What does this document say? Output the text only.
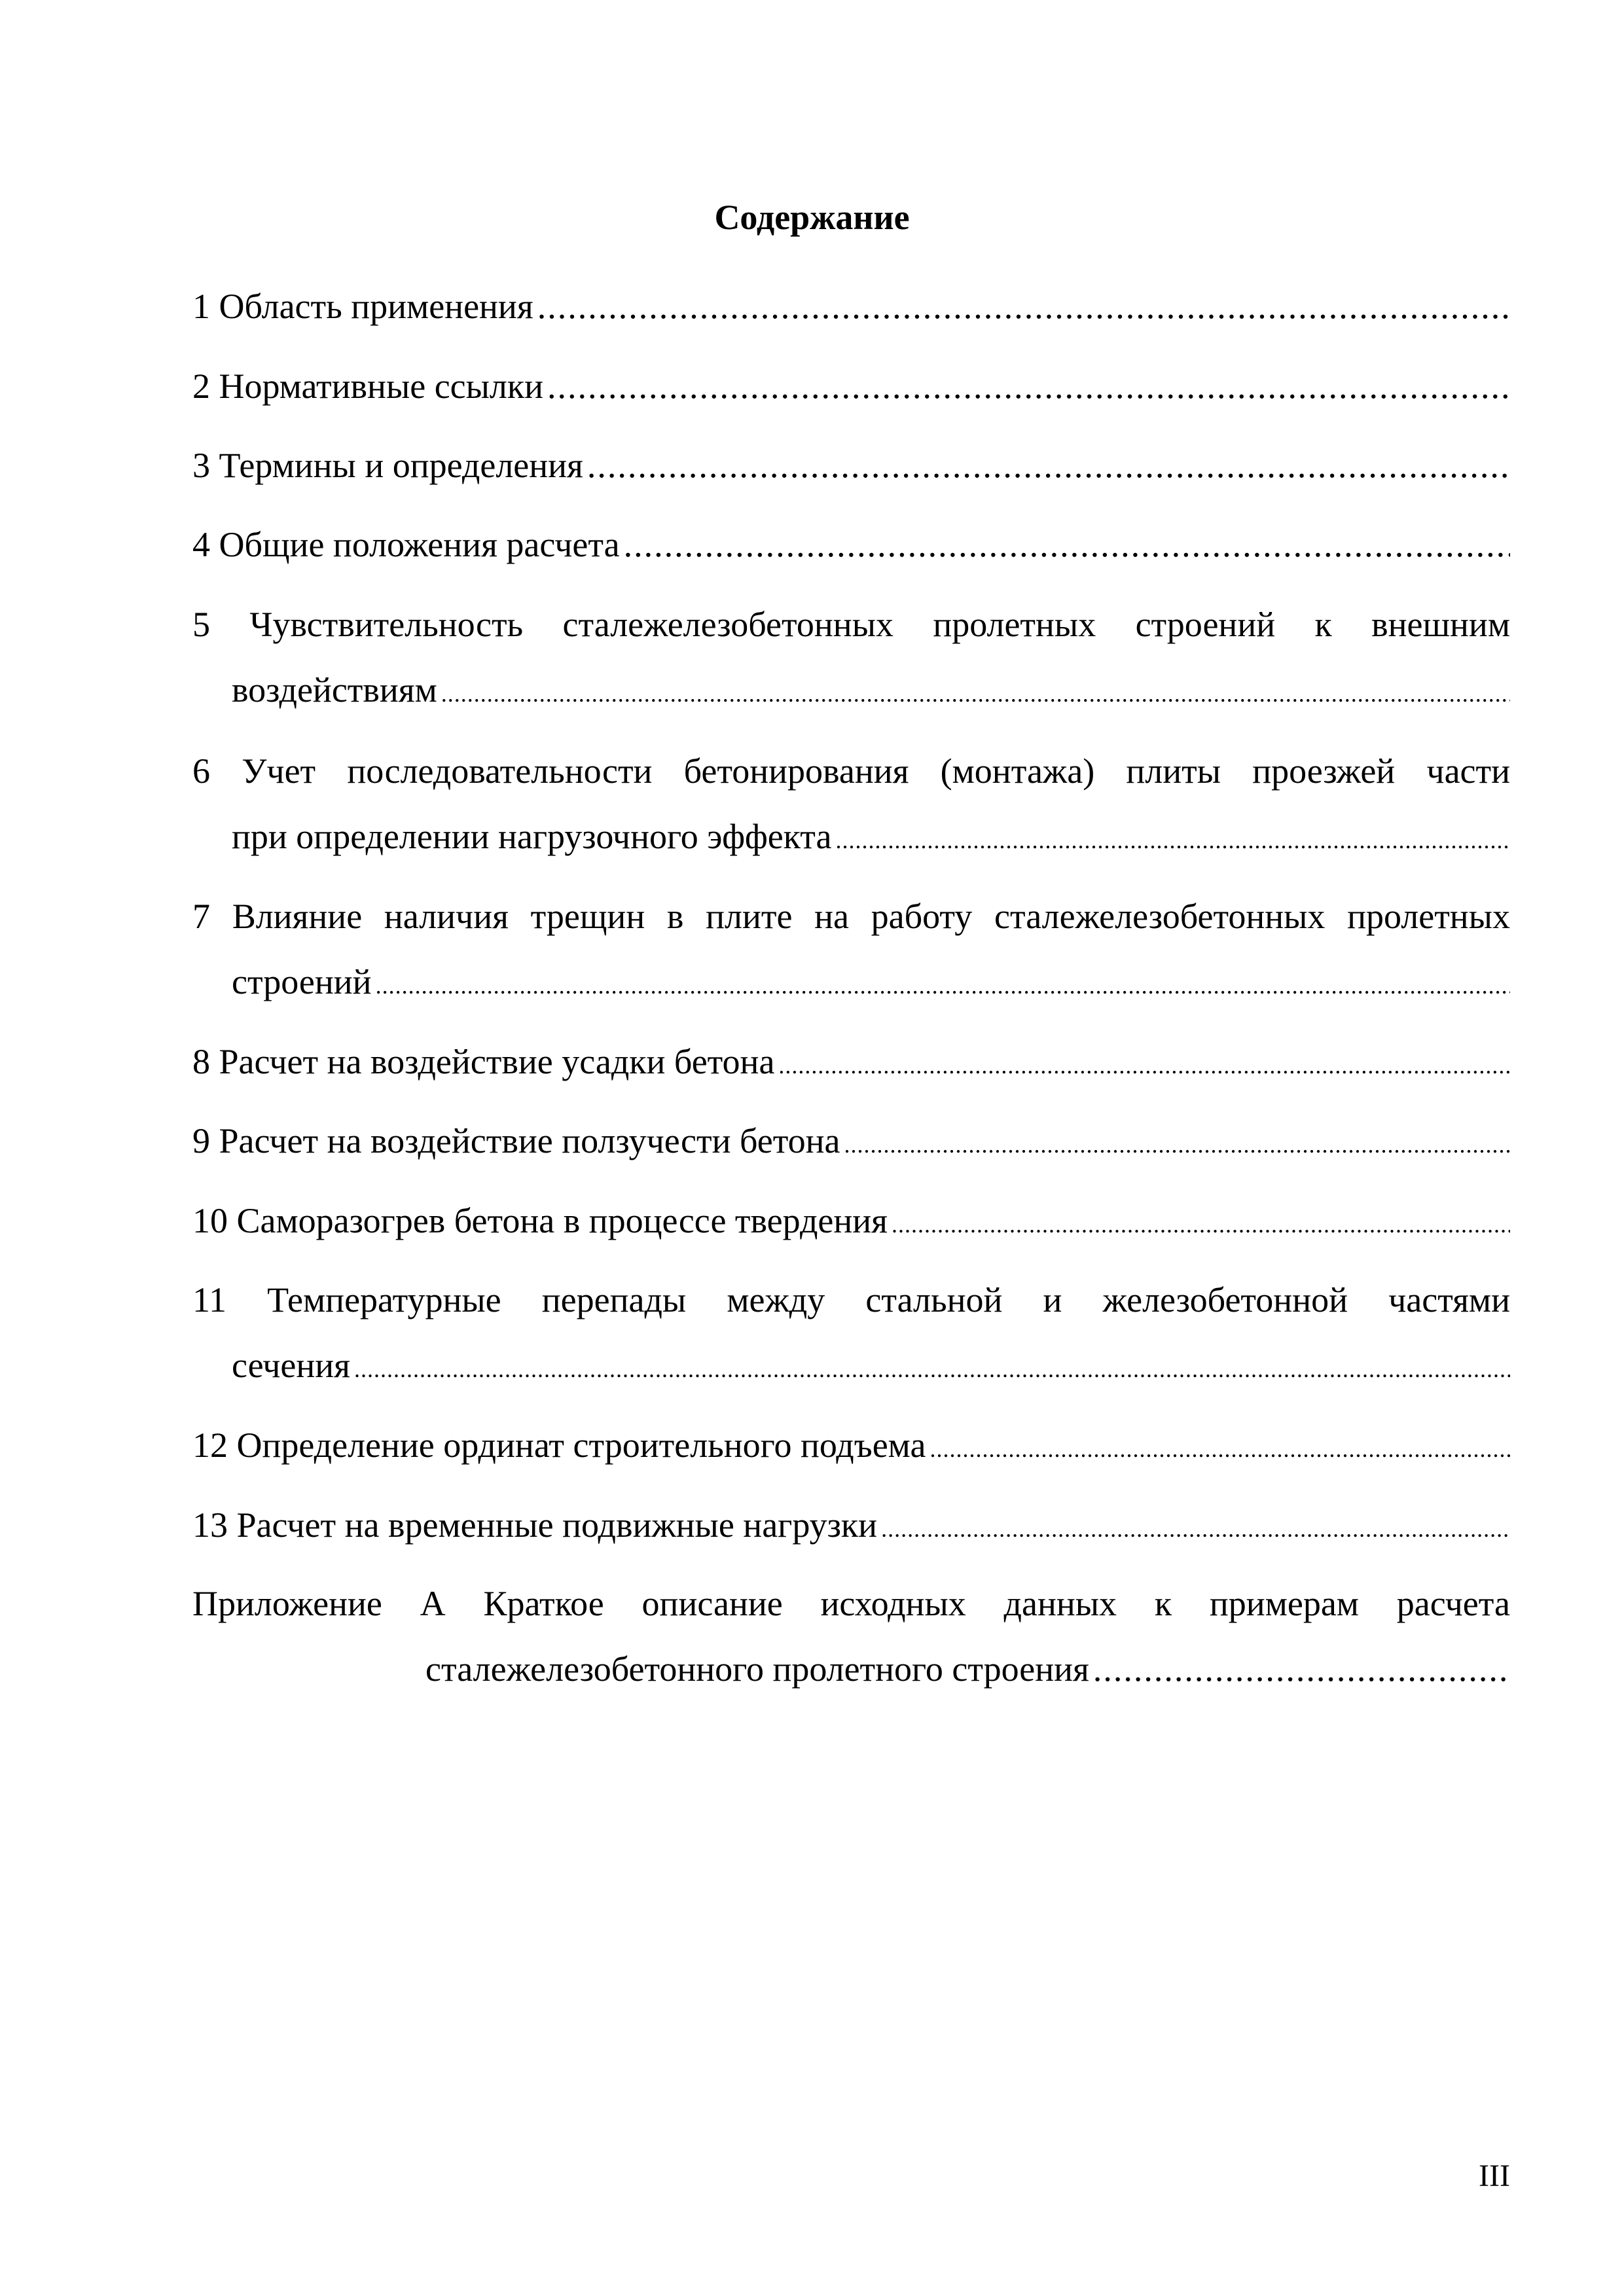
Содержание
1 Область применения
.....
2 Нормативные ссылки
.....
3 Термины и определения
.....
4 Общие положения расчета
.....
5 Чувствительность сталежелезобетонных пролетных строений к внешним
воздействиям
.....
6 Учет последовательности бетонирования (монтажа) плиты проезжей части
при определении нагрузочного эффекта
.....
7 Влияние наличия трещин в плите на работу сталежелезобетонных пролетных
строений
.....
8 Расчет на воздействие усадки бетона
.....
9 Расчет на воздействие ползучести бетона
.....
10 Саморазогрев бетона в процессе твердения
.....
11 Температурные перепады между стальной и железобетонной частями
сечения
.....
12 Определение ординат строительного подъема
.....
13 Расчет на временные подвижные нагрузки
.....
Приложение А Краткое описание исходных данных к примерам расчета
сталежелезобетонного пролетного строения
.....
III
